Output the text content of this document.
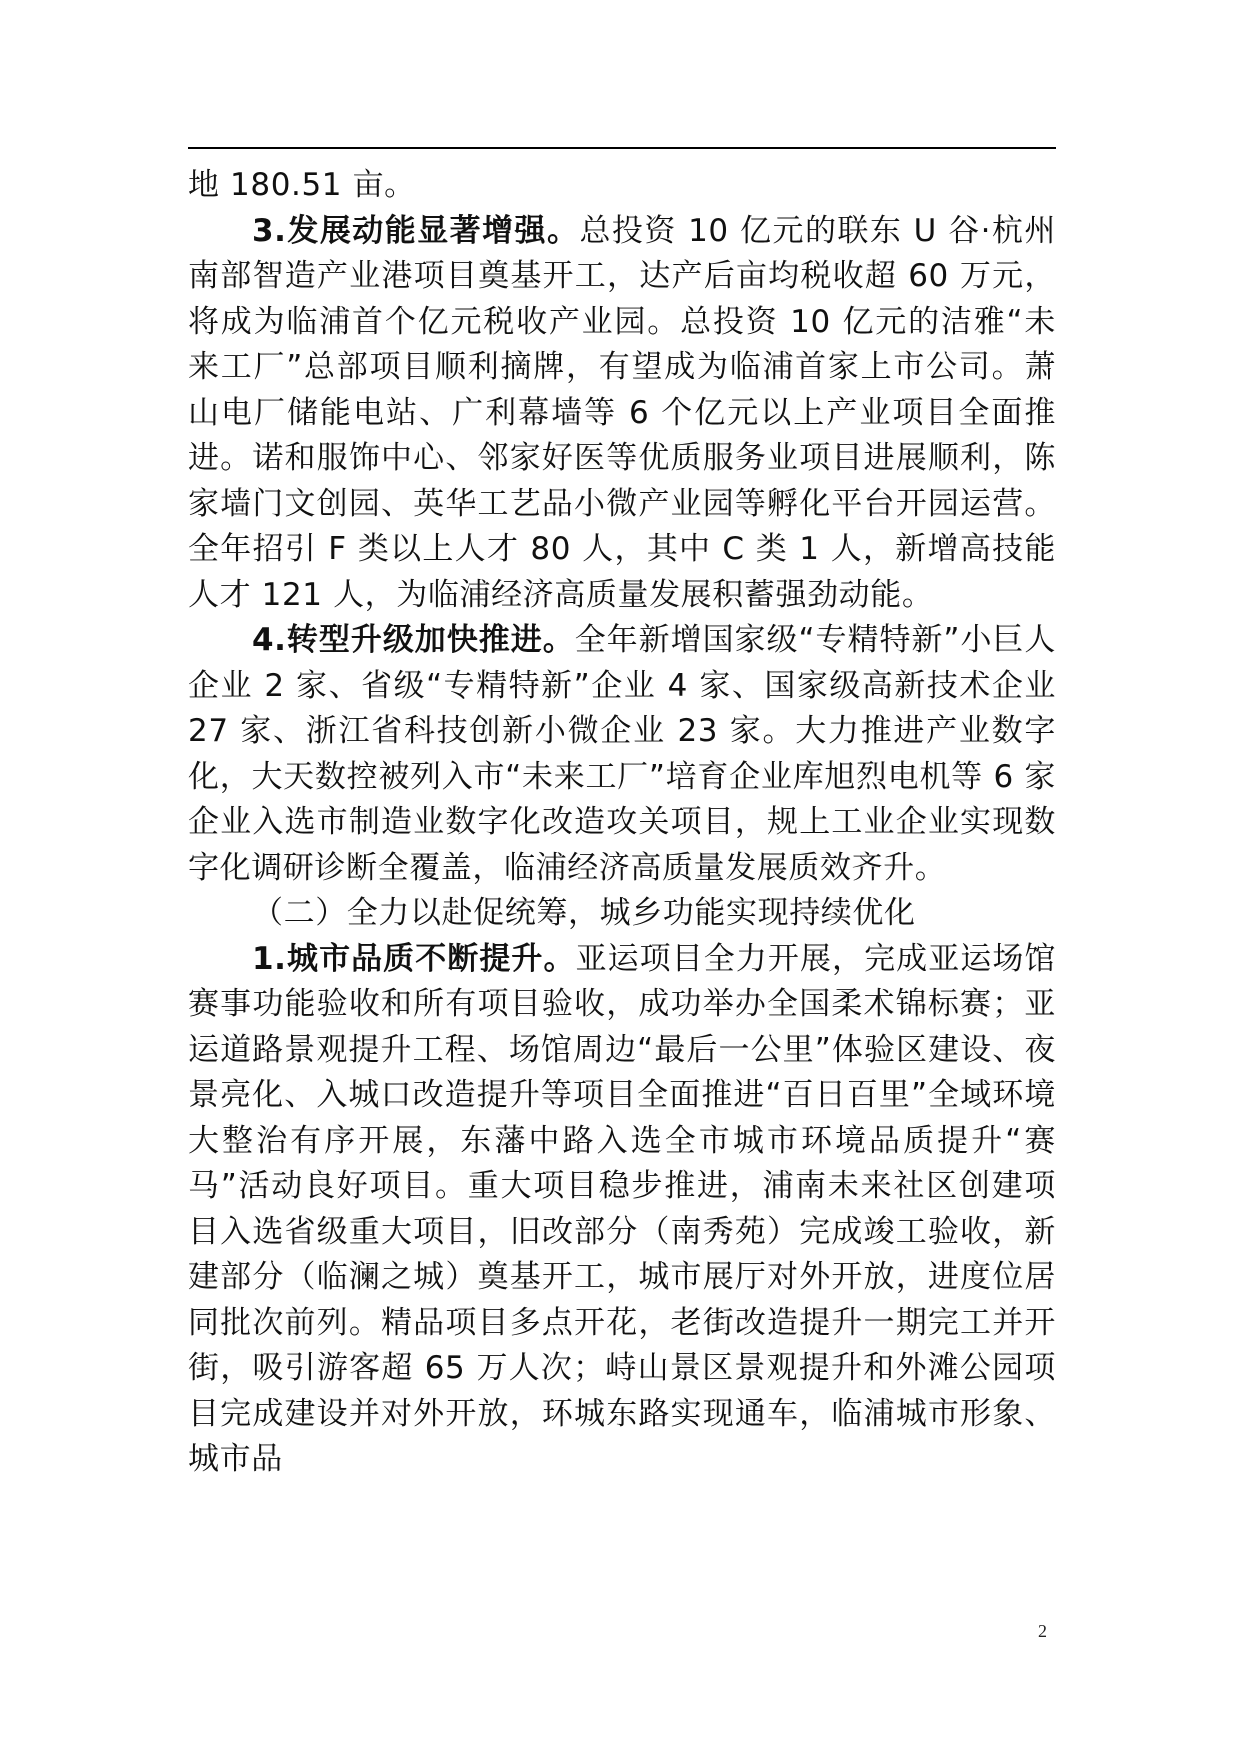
地 180.51 亩。

3.发展动能显著增强。总投资 10 亿元的联东 U 谷·杭州南部智造产业港项目奠基开工，达产后亩均税收超 60 万元，将成为临浦首个亿元税收产业园。总投资 10 亿元的洁雅“未来工厂”总部项目顺利摘牌，有望成为临浦首家上市公司。萧山电厂储能电站、广利幕墙等 6 个亿元以上产业项目全面推进。诺和服饰中心、邻家好医等优质服务业项目进展顺利，陈家墙门文创园、英华工艺品小微产业园等孵化平台开园运营。全年招引 F 类以上人才 80 人，其中 C 类 1 人，新增高技能人才 121 人，为临浦经济高质量发展积蓄强劲动能。

4.转型升级加快推进。全年新增国家级“专精特新”小巨人企业 2 家、省级“专精特新”企业 4 家、国家级高新技术企业 27 家、浙江省科技创新小微企业 23 家。大力推进产业数字化，大天数控被列入市“未来工厂”培育企业库旭烈电机等 6 家企业入选市制造业数字化改造攻关项目，规上工业企业实现数字化调研诊断全覆盖，临浦经济高质量发展质效齐升。

（二）全力以赴促统筹，城乡功能实现持续优化

1.城市品质不断提升。亚运项目全力开展，完成亚运场馆赛事功能验收和所有项目验收，成功举办全国柔术锦标赛；亚运道路景观提升工程、场馆周边“最后一公里”体验区建设、夜景亮化、入城口改造提升等项目全面推进“百日百里”全域环境大整治有序开展，东藩中路入选全市城市环境品质提升“赛马”活动良好项目。重大项目稳步推进，浦南未来社区创建项目入选省级重大项目，旧改部分（南秀苑）完成竣工验收，新建部分（临澜之城）奠基开工，城市展厅对外开放，进度位居同批次前列。精品项目多点开花，老街改造提升一期完工并开街，吸引游客超 65 万人次；峙山景区景观提升和外滩公园项目完成建设并对外开放，环城东路实现通车，临浦城市形象、城市品

2
